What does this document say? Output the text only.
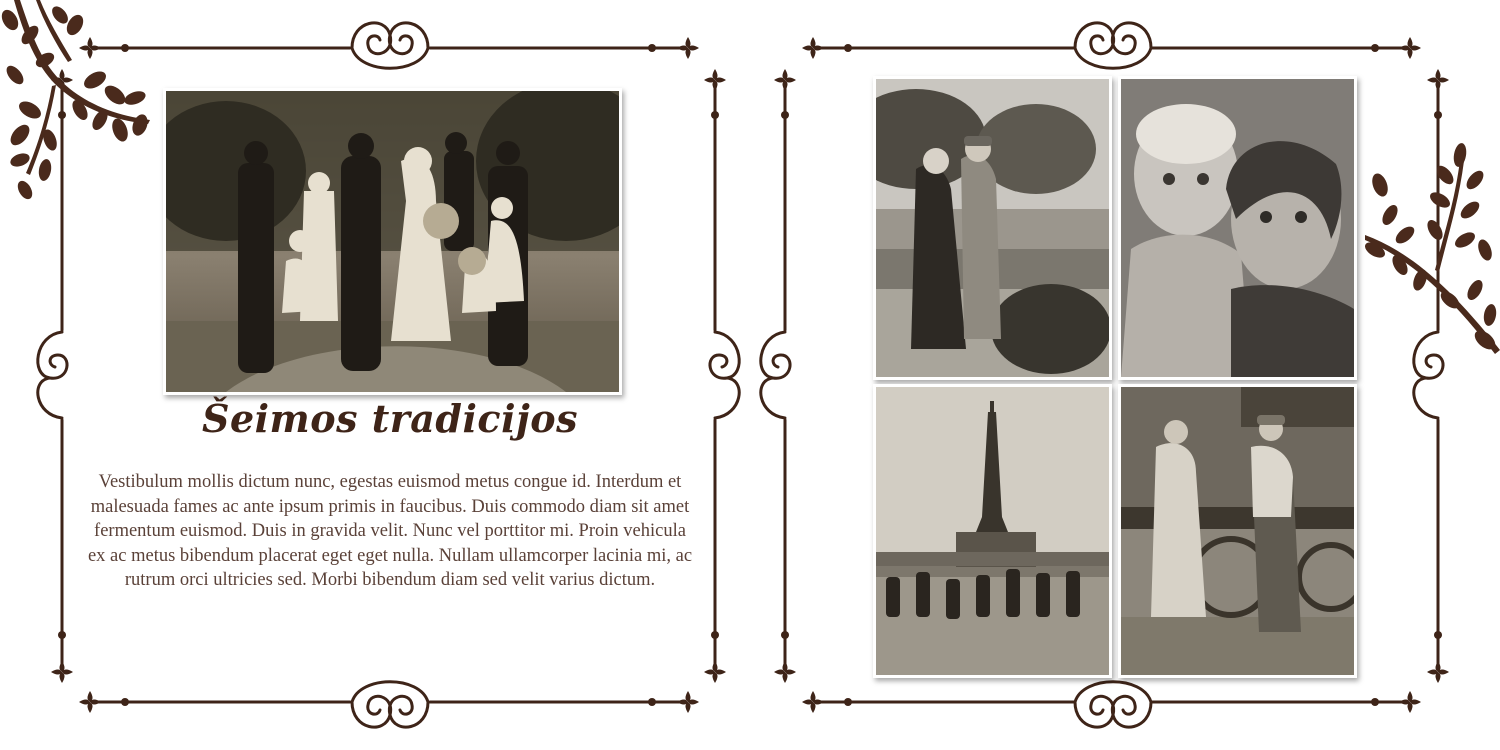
Šeimos tradicijos
Vestibulum mollis dictum nunc, egestas euismod metus congue id. Interdum et malesuada fames ac ante ipsum primis in faucibus. Duis commodo diam sit amet fermentum euismod. Duis in gravida velit. Nunc vel porttitor mi. Proin vehicula ex ac metus bibendum placerat eget eget nulla. Nullam ullamcorper lacinia mi, ac rutrum orci ultricies sed. Morbi bibendum diam sed velit varius dictum.
